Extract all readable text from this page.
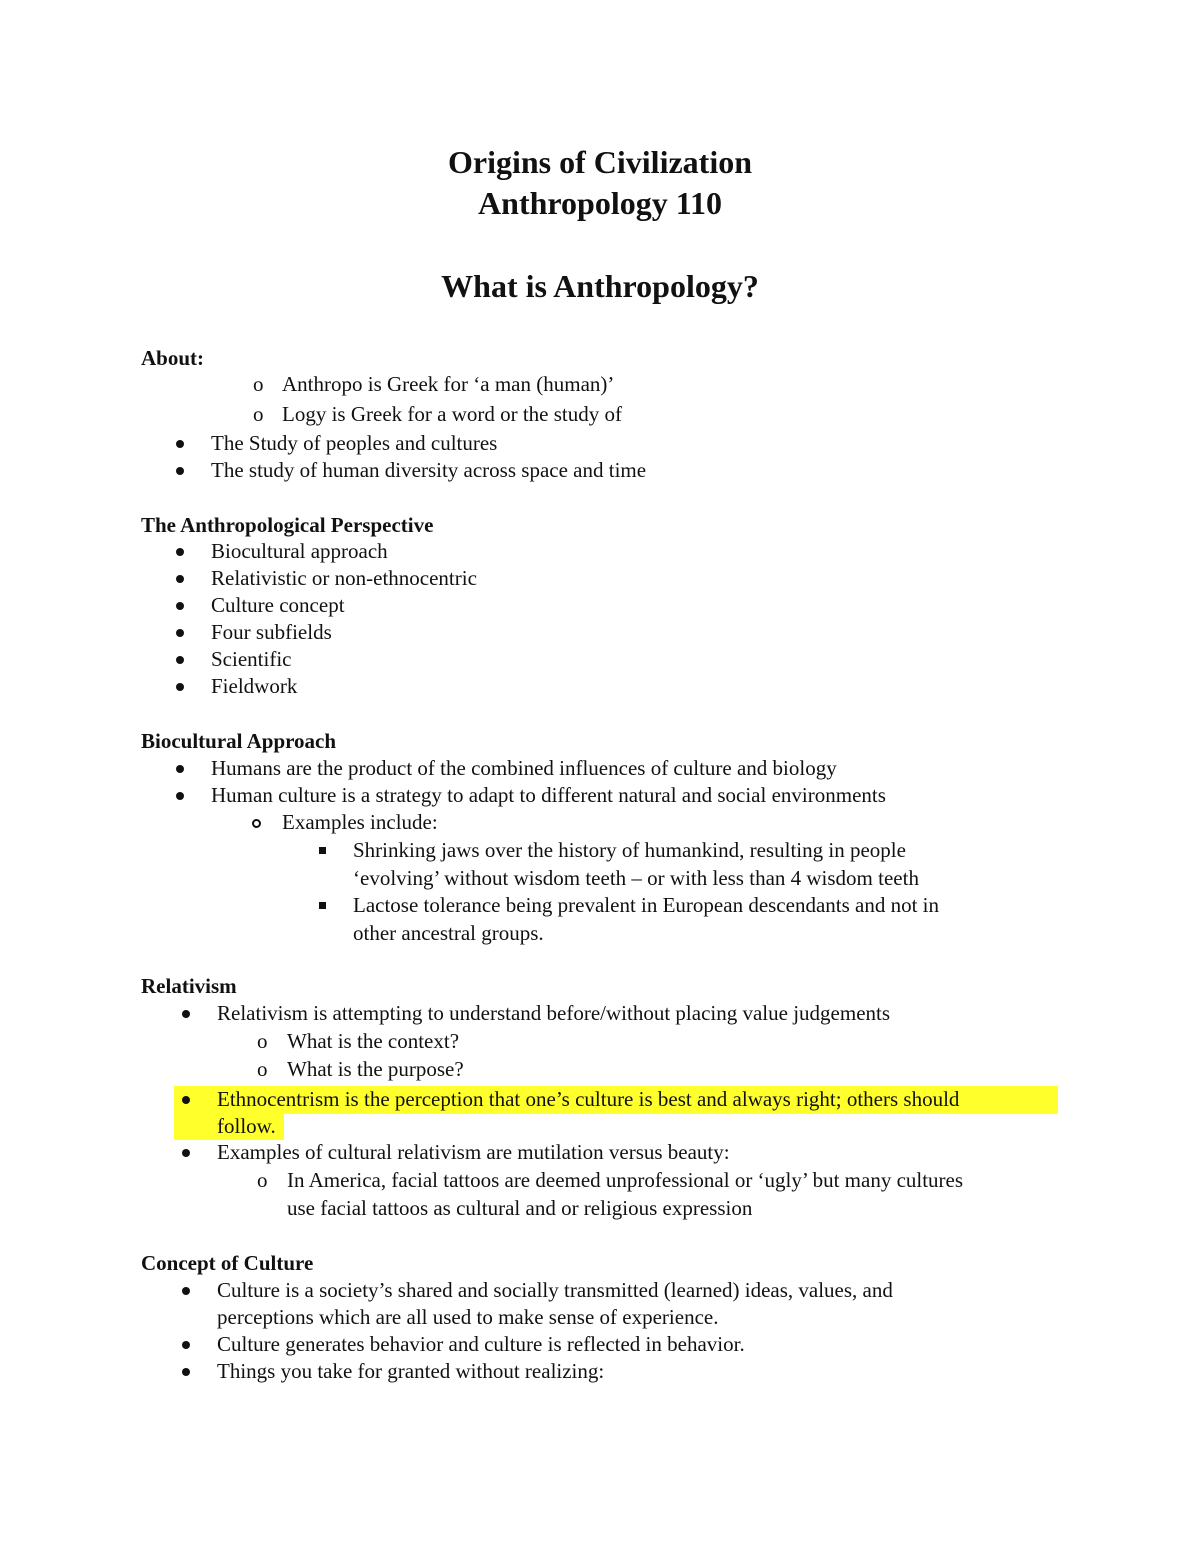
Origins of Civilization
Anthropology 110
What is Anthropology?
About:
o Anthropo is Greek for ‘a man (human)’
o Logy is Greek for a word or the study of
The Study of peoples and cultures
The study of human diversity across space and time
The Anthropological Perspective
Biocultural approach
Relativistic or non-ethnocentric
Culture concept
Four subfields
Scientific
Fieldwork
Biocultural Approach
Humans are the product of the combined influences of culture and biology
Human culture is a strategy to adapt to different natural and social environments
Examples include:
Shrinking jaws over the history of humankind, resulting in people
‘evolving’ without wisdom teeth – or with less than 4 wisdom teeth
Lactose tolerance being prevalent in European descendants and not in
other ancestral groups.
Relativism
Relativism is attempting to understand before/without placing value judgements
o What is the context?
o What is the purpose?
Ethnocentrism is the perception that one’s culture is best and always right; others should
follow.
Examples of cultural relativism are mutilation versus beauty:
o In America, facial tattoos are deemed unprofessional or ‘ugly’ but many cultures
use facial tattoos as cultural and or religious expression
Concept of Culture
Culture is a society’s shared and socially transmitted (learned) ideas, values, and
perceptions which are all used to make sense of experience.
Culture generates behavior and culture is reflected in behavior.
Things you take for granted without realizing:
